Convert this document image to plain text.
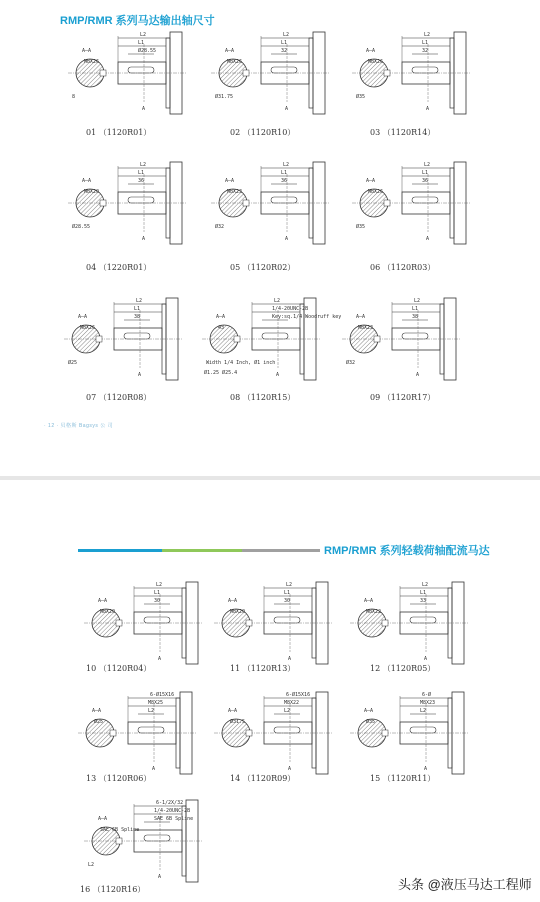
RMP/RMR 系列马达输出轴尺寸
A–A
A
L2
L1
M8X26
Ø28.55
8
01 （1120R01）
A–A
A
L2
L1
M8X26
32
Ø31.75
02 （1120R10）
A–A
A
L2
L1
M8X26
32
Ø35
03 （1120R14）
A–A
A
L2
L1
M8X20
36
Ø28.55
04 （1220R01）
A–A
A
L2
L1
M8X23
36
Ø32
05 （1120R02）
A–A
A
L2
L1
M8X26
36
Ø35
06 （1120R03）
A–A
A
L2
L1
M8X26
38
Ø25
07 （1120R08）
A–A
A
L2
1/4-20UNC-2B
43
Key:sq.1/4 Woodruff key
Width 1/4 Inch, Ø1 inch
Ø1.25 Ø25.4
08 （1120R15）
A–A
A
L2
L1
M8X23
38
Ø32
09 （1120R17）
· 12 · 贝格斯 Bagsys 公 司
RMP/RMR 系列轻载荷轴配流马达
A–A
A
L2
L1
M8X20
30
10 （1120R04）
A–A
A
L2
L1
M8X20
30
11 （1120R13）
A–A
A
L2
L1
M8X22
33
12 （1120R05）
A–A
A
6-Ø15X16
M8X25
Ø25
L2
13 （1120R06）
A–A
A
6-Ø15X16
M8X22
Ø31.5
L2
14 （1120R09）
A–A
A
6-Ø
M8X23
Ø35
L2
15 （1120R11）
A–A
A
6-1/2X/32
1/4-20UNC-2B
SAE 6B Spline
SAE 6B Spline
L2
16 （1120R16）	头条 @液压马达工程师
